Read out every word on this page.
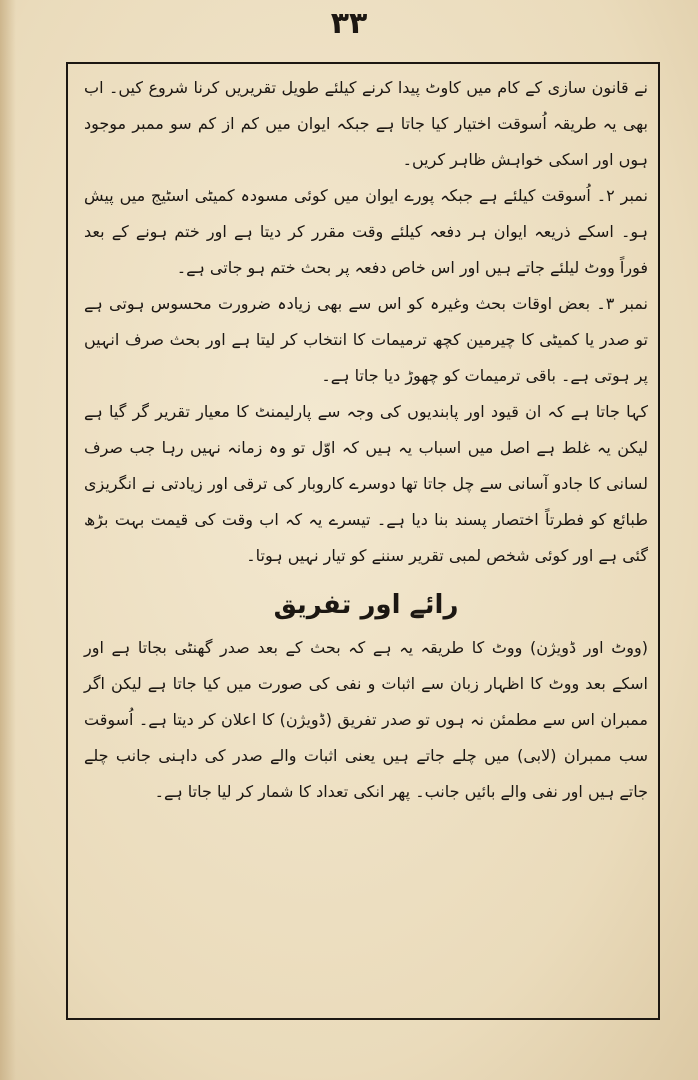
۳۳

نے قانون سازی کے کام میں کاوٹ پیدا کرنے کیلئے طویل تقریریں کرنا شروع کیں۔ اب بھی یہ طریقہ اُسوقت اختیار کیا جاتا ہے جبکہ ایوان میں کم از کم سو ممبر موجود ہوں اور اسکی خواہش ظاہر کریں۔

نمبر ۲۔ اُسوقت کیلئے ہے جبکہ پورے ایوان میں کوئی مسودہ کمیٹی اسٹیج میں پیش ہو۔ اسکے ذریعہ ایوان ہر دفعہ کیلئے وقت مقرر کر دیتا ہے اور ختم ہونے کے بعد فوراً ووٹ لیلئے جاتے ہیں اور اس خاص دفعہ پر بحث ختم ہو جاتی ہے۔

نمبر ۳۔ بعض اوقات بحث وغیرہ کو اس سے بھی زیادہ ضرورت محسوس ہوتی ہے تو صدر یا کمیٹی کا چیرمین کچھ ترمیمات کا انتخاب کر لیتا ہے اور بحث صرف انہیں پر ہوتی ہے۔ باقی ترمیمات کو چھوڑ دیا جاتا ہے۔

کہا جاتا ہے کہ ان قیود اور پابندیوں کی وجہ سے پارلیمنٹ کا معیار تقریر گر گیا ہے لیکن یہ غلط ہے اصل میں اسباب یہ ہیں کہ اوّل تو وہ زمانہ نہیں رہا جب صرف لسانی کا جادو آسانی سے چل جاتا تھا دوسرے کاروبار کی ترقی اور زیادتی نے انگریزی طبائع کو فطرتاً اختصار پسند بنا دیا ہے۔ تیسرے یہ کہ اب وقت کی قیمت بہت بڑھ گئی ہے اور کوئی شخص لمبی تقریر سننے کو تیار نہیں ہوتا۔

رائے اور تفریق

(ووٹ اور ڈویژن) ووٹ کا طریقہ یہ ہے کہ بحث کے بعد صدر گھنٹی بجاتا ہے اور اسکے بعد ووٹ کا اظہار زبان سے اثبات و نفی کی صورت میں کیا جاتا ہے لیکن اگر ممبران اس سے مطمئن نہ ہوں تو صدر تفریق (ڈویژن) کا اعلان کر دیتا ہے۔ اُسوقت سب ممبران (لابی) میں چلے جاتے ہیں یعنی اثبات والے صدر کی داہنی جانب چلے جاتے ہیں اور نفی والے بائیں جانب۔ پھر انکی تعداد کا شمار کر لیا جاتا ہے۔
